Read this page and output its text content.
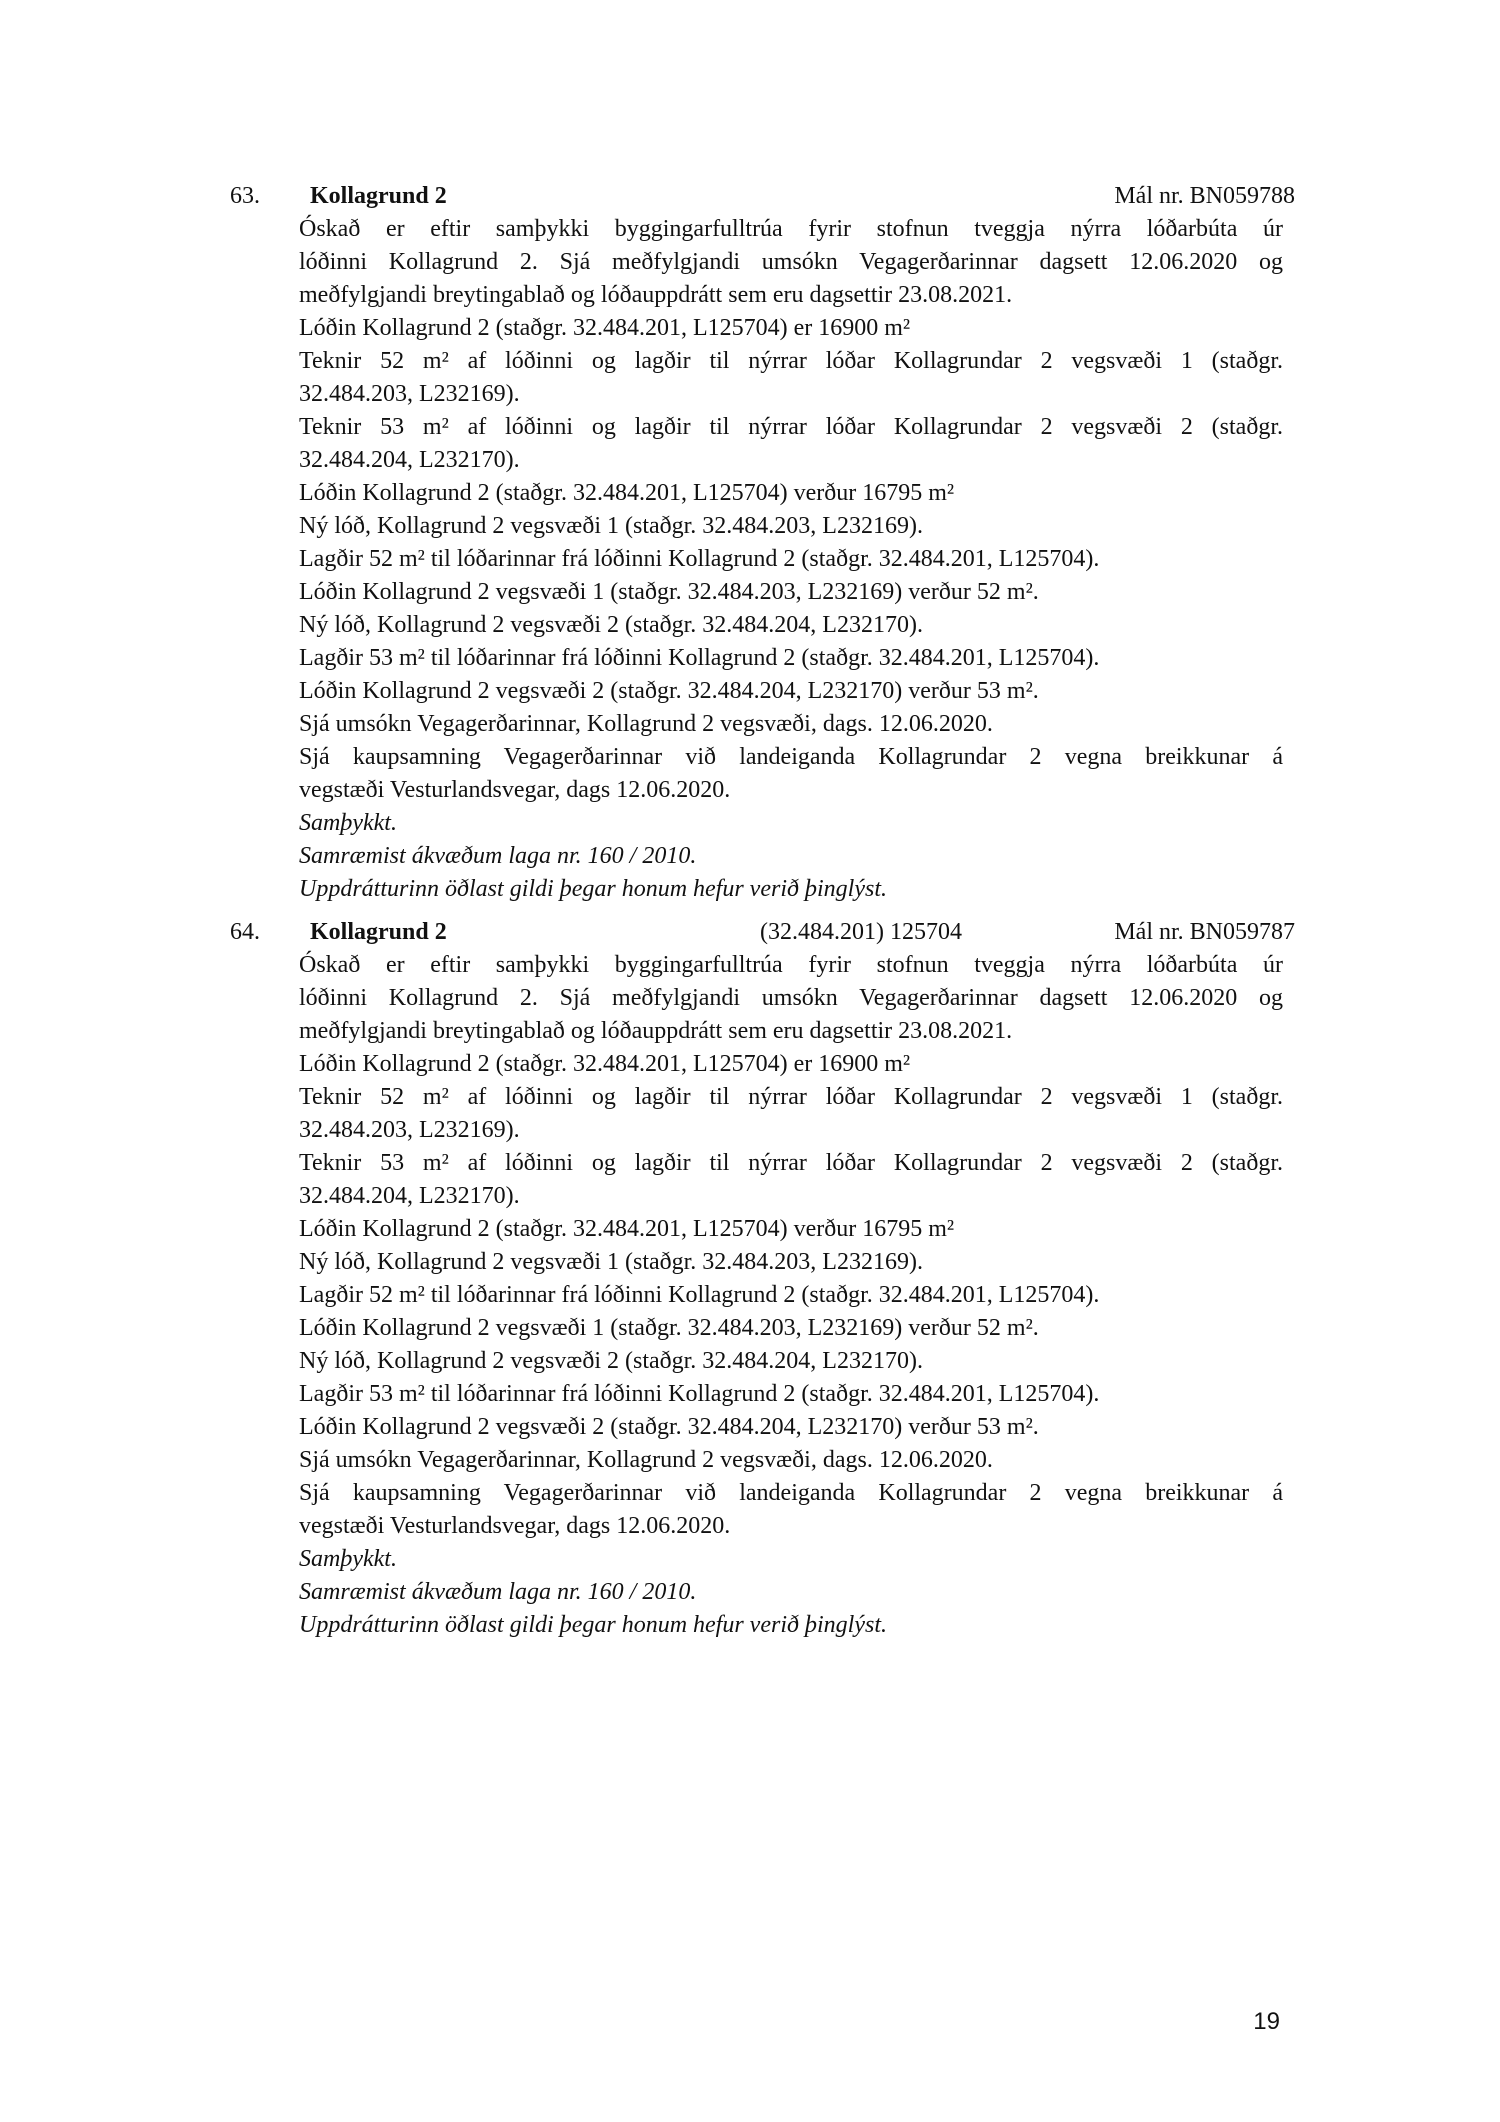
63. Kollagrund 2	Mál nr. BN059788
Óskað er eftir samþykki byggingarfulltrúa fyrir stofnun tveggja nýrra lóðarbúta úr
lóðinni Kollagrund 2. Sjá meðfylgjandi umsókn Vegagerðarinnar dagsett 12.06.2020 og
meðfylgjandi breytingablað og lóðauppdrátt sem eru dagsettir 23.08.2021.
Lóðin Kollagrund 2 (staðgr. 32.484.201, L125704) er 16900 m²
Teknir 52 m² af lóðinni og lagðir til nýrrar lóðar Kollagrundar 2 vegsvæði 1 (staðgr.
32.484.203, L232169).
Teknir 53 m² af lóðinni og lagðir til nýrrar lóðar Kollagrundar 2 vegsvæði 2 (staðgr.
32.484.204, L232170).
Lóðin Kollagrund 2 (staðgr. 32.484.201, L125704) verður 16795 m²
Ný lóð, Kollagrund 2 vegsvæði 1 (staðgr. 32.484.203, L232169).
Lagðir 52 m² til lóðarinnar frá lóðinni Kollagrund 2 (staðgr. 32.484.201, L125704).
Lóðin Kollagrund 2 vegsvæði 1 (staðgr. 32.484.203, L232169) verður 52 m².
Ný lóð, Kollagrund 2 vegsvæði 2 (staðgr. 32.484.204, L232170).
Lagðir 53 m² til lóðarinnar frá lóðinni Kollagrund 2 (staðgr. 32.484.201, L125704).
Lóðin Kollagrund 2 vegsvæði 2 (staðgr. 32.484.204, L232170) verður 53 m².
Sjá umsókn Vegagerðarinnar, Kollagrund 2 vegsvæði, dags. 12.06.2020.
Sjá kaupsamning Vegagerðarinnar við landeiganda Kollagrundar 2 vegna breikkunar á
vegstæði Vesturlandsvegar, dags 12.06.2020.
Samþykkt.
Samræmist ákvæðum laga nr. 160 / 2010.
Uppdrátturinn öðlast gildi þegar honum hefur verið þinglýst.
64. Kollagrund 2	(32.484.201) 125704	Mál nr. BN059787
Óskað er eftir samþykki byggingarfulltrúa fyrir stofnun tveggja nýrra lóðarbúta úr
lóðinni Kollagrund 2. Sjá meðfylgjandi umsókn Vegagerðarinnar dagsett 12.06.2020 og
meðfylgjandi breytingablað og lóðauppdrátt sem eru dagsettir 23.08.2021.
Lóðin Kollagrund 2 (staðgr. 32.484.201, L125704) er 16900 m²
Teknir 52 m² af lóðinni og lagðir til nýrrar lóðar Kollagrundar 2 vegsvæði 1 (staðgr.
32.484.203, L232169).
Teknir 53 m² af lóðinni og lagðir til nýrrar lóðar Kollagrundar 2 vegsvæði 2 (staðgr.
32.484.204, L232170).
Lóðin Kollagrund 2 (staðgr. 32.484.201, L125704) verður 16795 m²
Ný lóð, Kollagrund 2 vegsvæði 1 (staðgr. 32.484.203, L232169).
Lagðir 52 m² til lóðarinnar frá lóðinni Kollagrund 2 (staðgr. 32.484.201, L125704).
Lóðin Kollagrund 2 vegsvæði 1 (staðgr. 32.484.203, L232169) verður 52 m².
Ný lóð, Kollagrund 2 vegsvæði 2 (staðgr. 32.484.204, L232170).
Lagðir 53 m² til lóðarinnar frá lóðinni Kollagrund 2 (staðgr. 32.484.201, L125704).
Lóðin Kollagrund 2 vegsvæði 2 (staðgr. 32.484.204, L232170) verður 53 m².
Sjá umsókn Vegagerðarinnar, Kollagrund 2 vegsvæði, dags. 12.06.2020.
Sjá kaupsamning Vegagerðarinnar við landeiganda Kollagrundar 2 vegna breikkunar á
vegstæði Vesturlandsvegar, dags 12.06.2020.
Samþykkt.
Samræmist ákvæðum laga nr. 160 / 2010.
Uppdrátturinn öðlast gildi þegar honum hefur verið þinglýst.
19
